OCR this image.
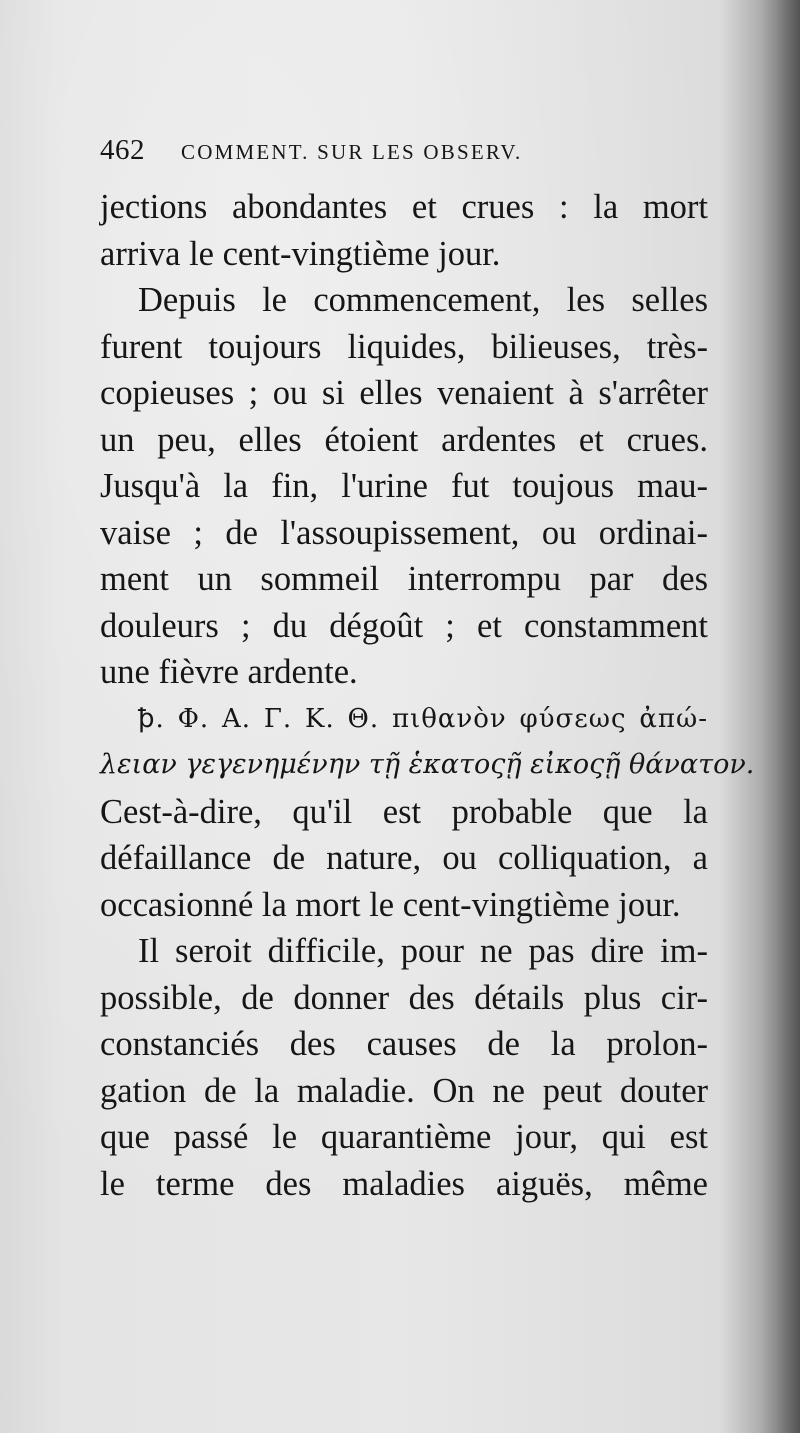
462 COMMENT. SUR LES OBSERV.
jections abondantes et crues : la mort
arriva le cent-vingtième jour.
Depuis le commencement, les selles
furent toujours liquides, bilieuses, très-
copieuses ; ou si elles venaient à s'arrêter
un peu, elles étoient ardentes et crues.
Jusqu'à la fin, l'urine fut toujous mau-
vaise ; de l'assoupissement, ou ordinai-
ment un sommeil interrompu par des
douleurs ; du dégoût ; et constamment
une fièvre ardente.
ꝥ. Φ. Α. Γ. Κ. Θ. πιθανὸν φύσεως ἀπώ-
λειαν γεγενημένην τῇ ἑκατοςῇ εἰκοςῇ θάνατον.
Cest-à-dire, qu'il est probable que la
défaillance de nature, ou colliquation, a
occasionné la mort le cent-vingtième jour.
Il seroit difficile, pour ne pas dire im-
possible, de donner des détails plus cir-
constanciés des causes de la prolon-
gation de la maladie. On ne peut douter
que passé le quarantième jour, qui est
le terme des maladies aiguës, même
